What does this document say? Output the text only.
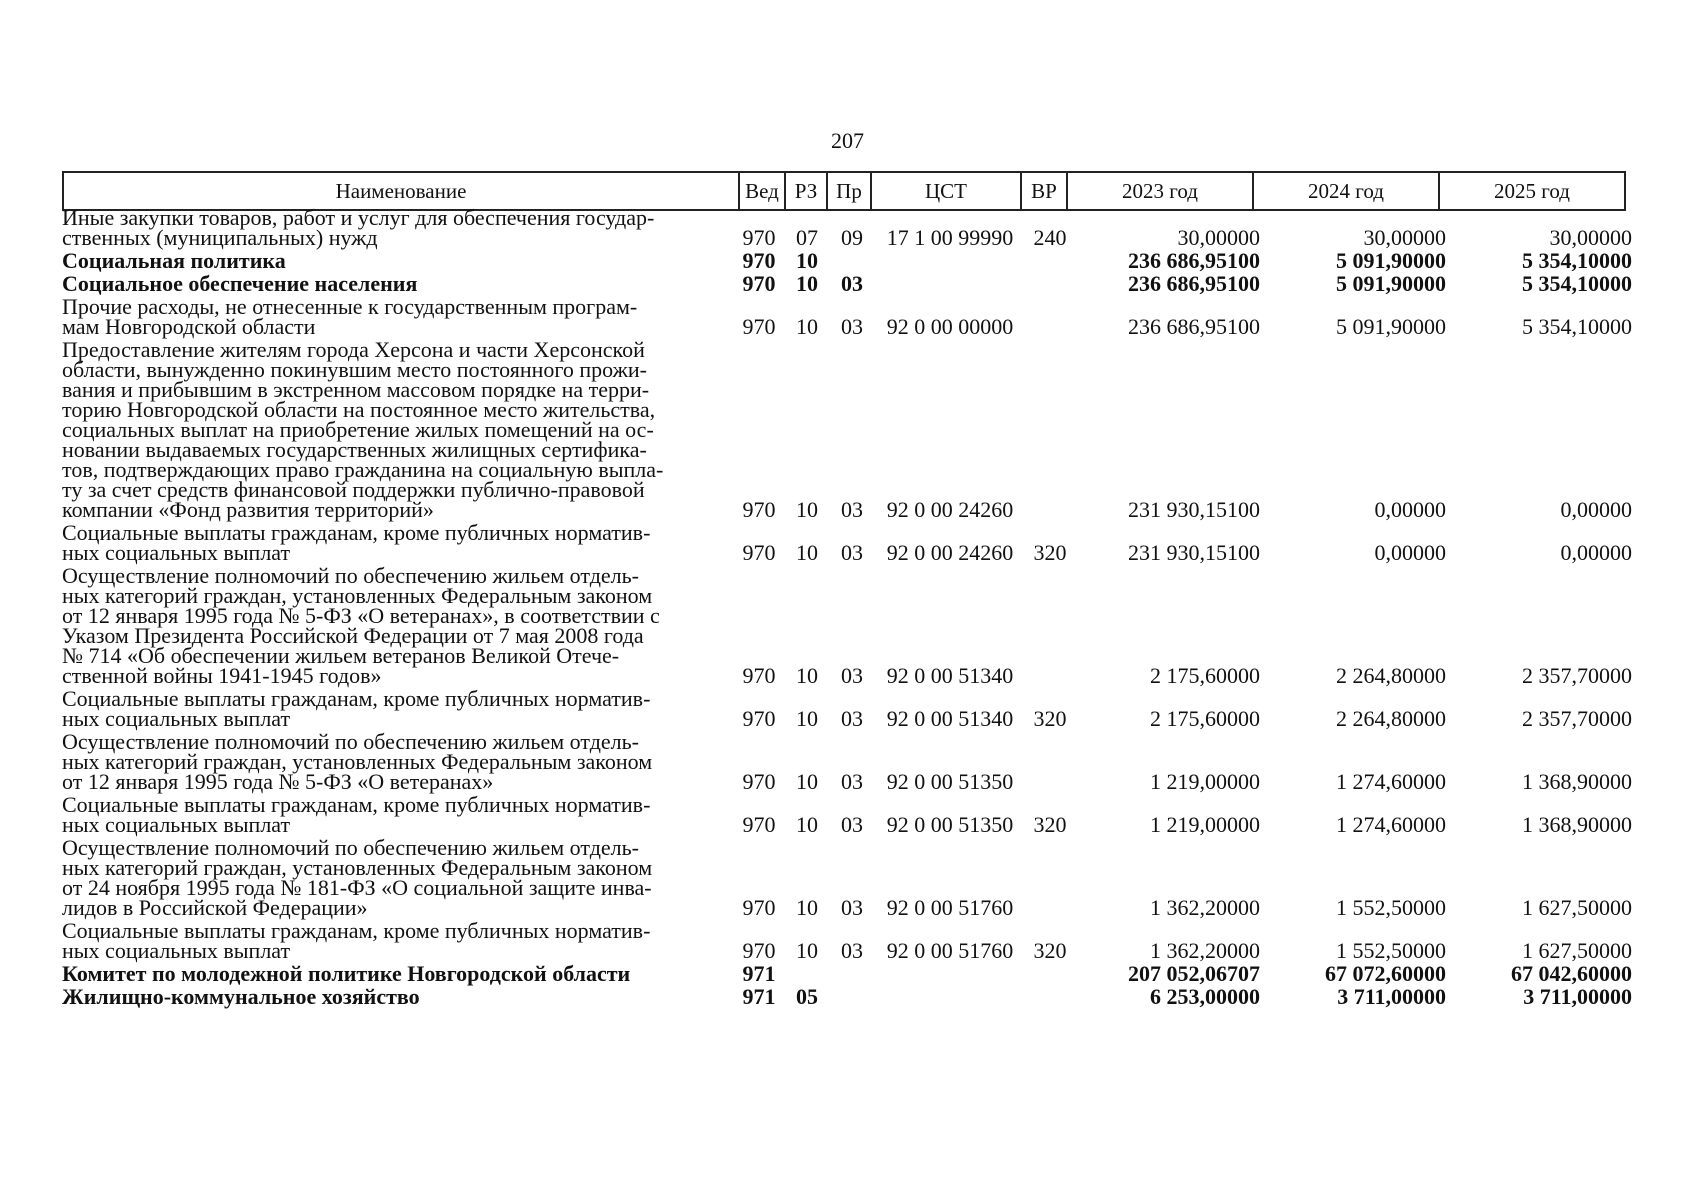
207
Наименование	Вед РЗ Пр	ЦСТ	ВР	2023 год	2024 год	2025 год
Иные закупки товаров, работ и услуг для обеспечения государ-
ственных (муниципальных) нужд	970 07	09	17 1 00 99990 240	30,00000	30,00000	30,00000
Социальная политика	970 10	236 686,95100	5 091,90000	5 354,10000
Социальное обеспечение населения	970 10	03	236 686,95100	5 091,90000	5 354,10000
Прочие расходы, не отнесенные к государственным програм-
мам Новгородской области	970 10	03	92 0 00 00000	236 686,95100	5 091,90000	5 354,10000
Предоставление жителям города Херсона и части Херсонской
области, вынужденно покинувшим место постоянного прожи-
вания и прибывшим в экстренном массовом порядке на терри-
торию Новгородской области на постоянное место жительства,
социальных выплат на приобретение жилых помещений на ос-
новании выдаваемых государственных жилищных сертифика-
тов, подтверждающих право гражданина на социальную выпла-
ту за счет средств финансовой поддержки публично-правовой
компании «Фонд развития территорий»	970 10	03	92 0 00 24260	231 930,15100	0,00000	0,00000
Социальные выплаты гражданам, кроме публичных норматив-
ных социальных выплат	970 10	03	92 0 00 24260 320	231 930,15100	0,00000	0,00000
Осуществление полномочий по обеспечению жильем отдель-
ных категорий граждан, установленных Федеральным законом
от 12 января 1995 года № 5-ФЗ «О ветеранах», в соответствии с
Указом Президента Российской Федерации от 7 мая 2008 года
№ 714 «Об обеспечении жильем ветеранов Великой Отече-
ственной войны 1941-1945 годов»	970 10	03	92 0 00 51340	2 175,60000	2 264,80000	2 357,70000
Социальные выплаты гражданам, кроме публичных норматив-
ных социальных выплат	970 10	03	92 0 00 51340 320	2 175,60000	2 264,80000	2 357,70000
Осуществление полномочий по обеспечению жильем отдель-
ных категорий граждан, установленных Федеральным законом
от 12 января 1995 года № 5-ФЗ «О ветеранах»	970 10	03	92 0 00 51350	1 219,00000	1 274,60000	1 368,90000
Социальные выплаты гражданам, кроме публичных норматив-
ных социальных выплат	970 10	03	92 0 00 51350 320	1 219,00000	1 274,60000	1 368,90000
Осуществление полномочий по обеспечению жильем отдель-
ных категорий граждан, установленных Федеральным законом
от 24 ноября 1995 года № 181-ФЗ «О социальной защите инва-
лидов в Российской Федерации»	970 10	03	92 0 00 51760	1 362,20000	1 552,50000	1 627,50000
Социальные выплаты гражданам, кроме публичных норматив-
ных социальных выплат	970 10	03	92 0 00 51760 320	1 362,20000	1 552,50000	1 627,50000
Комитет по молодежной политике Новгородской области	971	207 052,06707	67 072,60000	67 042,60000
Жилищно-коммунальное хозяйство	971 05	6 253,00000	3 711,00000	3 711,00000
